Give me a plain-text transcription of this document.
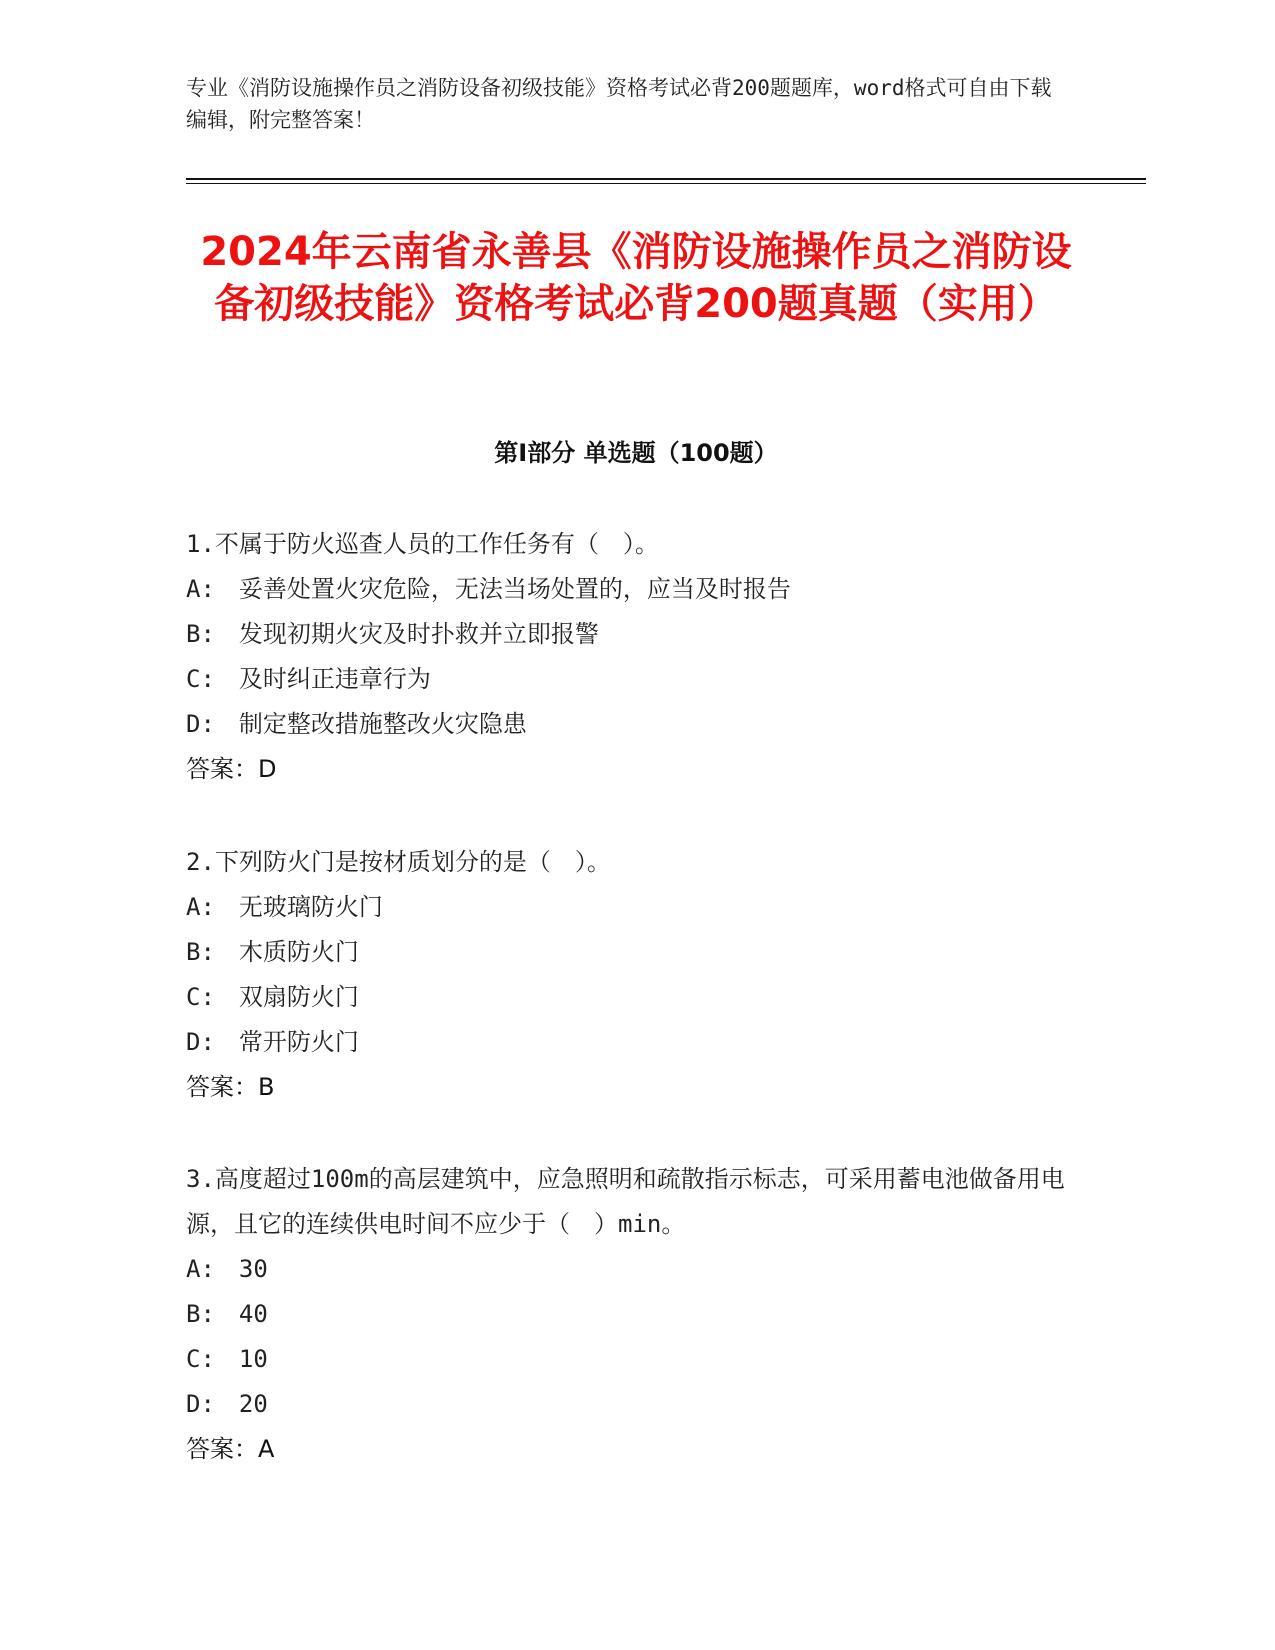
专业《消防设施操作员之消防设备初级技能》资格考试必背200题题库，word格式可自由下载编辑，附完整答案！
2024年云南省永善县《消防设施操作员之消防设备初级技能》资格考试必背200题真题（实用）
第I部分 单选题（100题）

1.不属于防火巡查人员的工作任务有（　）。

A:　妥善处置火灾危险，无法当场处置的，应当及时报告

B:　发现初期火灾及时扑救并立即报警

C:　及时纠正违章行为

D:　制定整改措施整改火灾隐患

答案：D

2.下列防火门是按材质划分的是（　）。

A:　无玻璃防火门

B:　木质防火门

C:　双扇防火门

D:　常开防火门

答案：B

3.高度超过100m的高层建筑中，应急照明和疏散指示标志，可采用蓄电池做备用电源，且它的连续供电时间不应少于（　）min。

A:　30

B:　40

C:　10

D:　20

答案：A
